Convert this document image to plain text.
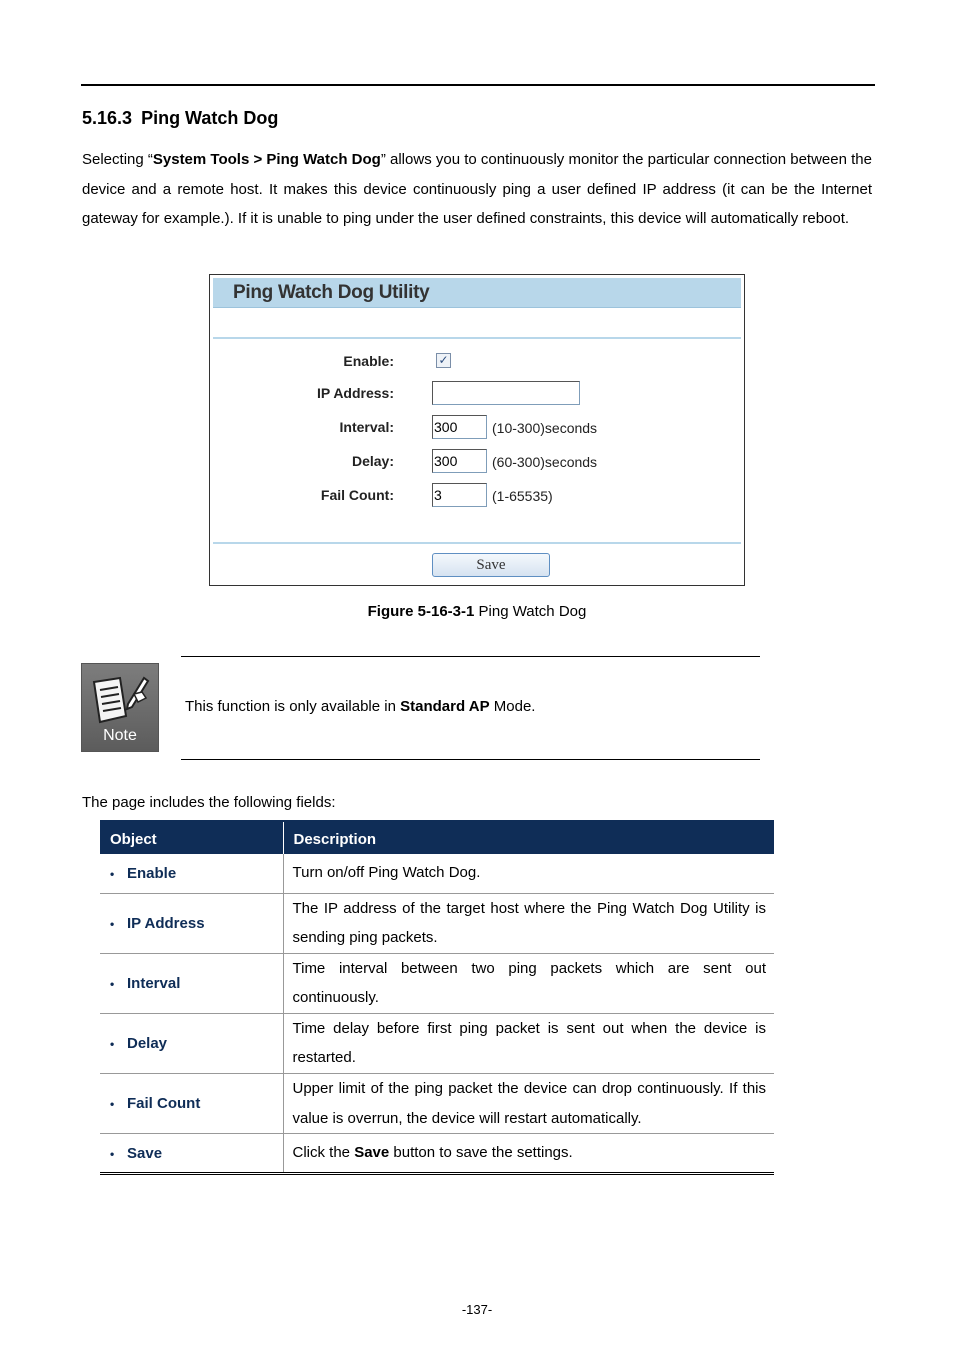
5.16.3 Ping Watch Dog

Selecting “System Tools > Ping Watch Dog” allows you to continuously monitor the particular connection between the device and a remote host. It makes this device continuously ping a user defined IP address (it can be the Internet gateway for example.). If it is unable to ping under the user defined constraints, this device will automatically reboot.

Ping Watch Dog Utility
Enable:	✓
IP Address:
Interval:
300	(10-300)seconds
Delay:
300	(60-300)seconds
Fail Count:
3	(1-65535)
Save
Figure 5-16-3-1 Ping Watch Dog
Note
This function is only available in Standard AP Mode.
The page includes the following fields:
Object	Description
• Enable	Turn on/off Ping Watch Dog.
• IP Address	The IP address of the target host where the Ping Watch Dog Utility is sending ping packets.
• Interval	Time interval between two ping packets which are sent out continuously.
• Delay	Time delay before first ping packet is sent out when the device is restarted.
• Fail Count	Upper limit of the ping packet the device can drop continuously. If this value is overrun, the device will restart automatically.
• Save	Click the Save button to save the settings.
-137-
